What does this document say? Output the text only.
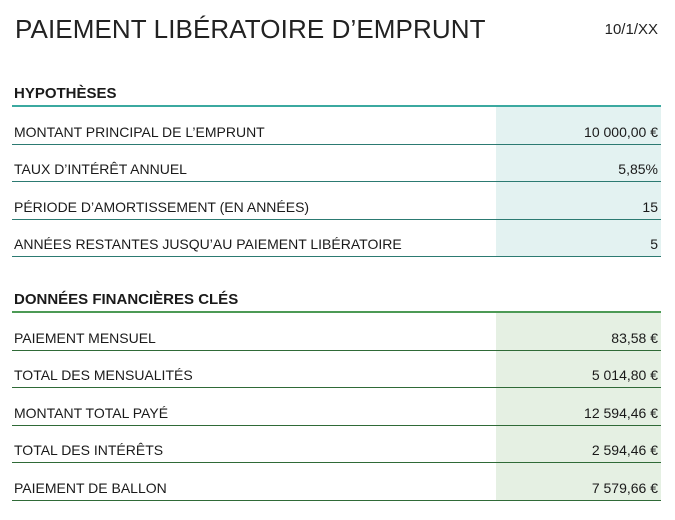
PAIEMENT LIBÉRATOIRE D’EMPRUNT	10/1/XX
HYPOTHÈSES
MONTANT PRINCIPAL DE L’EMPRUNT	10 000,00 €
TAUX D’INTÉRÊT ANNUEL	5,85%
PÉRIODE D’AMORTISSEMENT (EN ANNÉES)	15
ANNÉES RESTANTES JUSQU’AU PAIEMENT LIBÉRATOIRE	5
DONNÉES FINANCIÈRES CLÉS
PAIEMENT MENSUEL	83,58 €
TOTAL DES MENSUALITÉS	5 014,80 €
MONTANT TOTAL PAYÉ	12 594,46 €
TOTAL DES INTÉRÊTS	2 594,46 €
PAIEMENT DE BALLON	7 579,66 €
